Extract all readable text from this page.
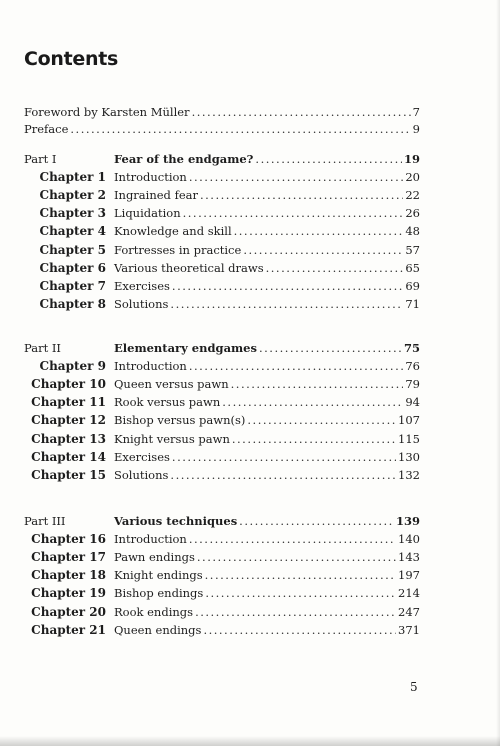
Contents
Foreword by Karsten Müller .....	7
Preface .....	9
Part I	Fear of the endgame? .....	19
Chapter 1 Introduction .....	20
Chapter 2 Ingrained fear .....	22
Chapter 3 Liquidation .....	26
Chapter 4 Knowledge and skill .....	48
Chapter 5 Fortresses in practice .....	57
Chapter 6 Various theoretical draws .....	65
Chapter 7 Exercises .....	69
Chapter 8 Solutions .....	71
Part II	Elementary endgames .....	75
Chapter 9 Introduction .....	76
Chapter 10 Queen versus pawn .....	79
Chapter 11 Rook versus pawn .....	94
Chapter 12 Bishop versus pawn(s) .....	107
Chapter 13 Knight versus pawn .....	115
Chapter 14 Exercises .....	130
Chapter 15 Solutions .....	132
Part III	Various techniques .....	139
Chapter 16 Introduction .....	140
Chapter 17 Pawn endings .....	143
Chapter 18 Knight endings .....	197
Chapter 19 Bishop endings .....	214
Chapter 20 Rook endings .....	247
Chapter 21 Queen endings .....	371
5
